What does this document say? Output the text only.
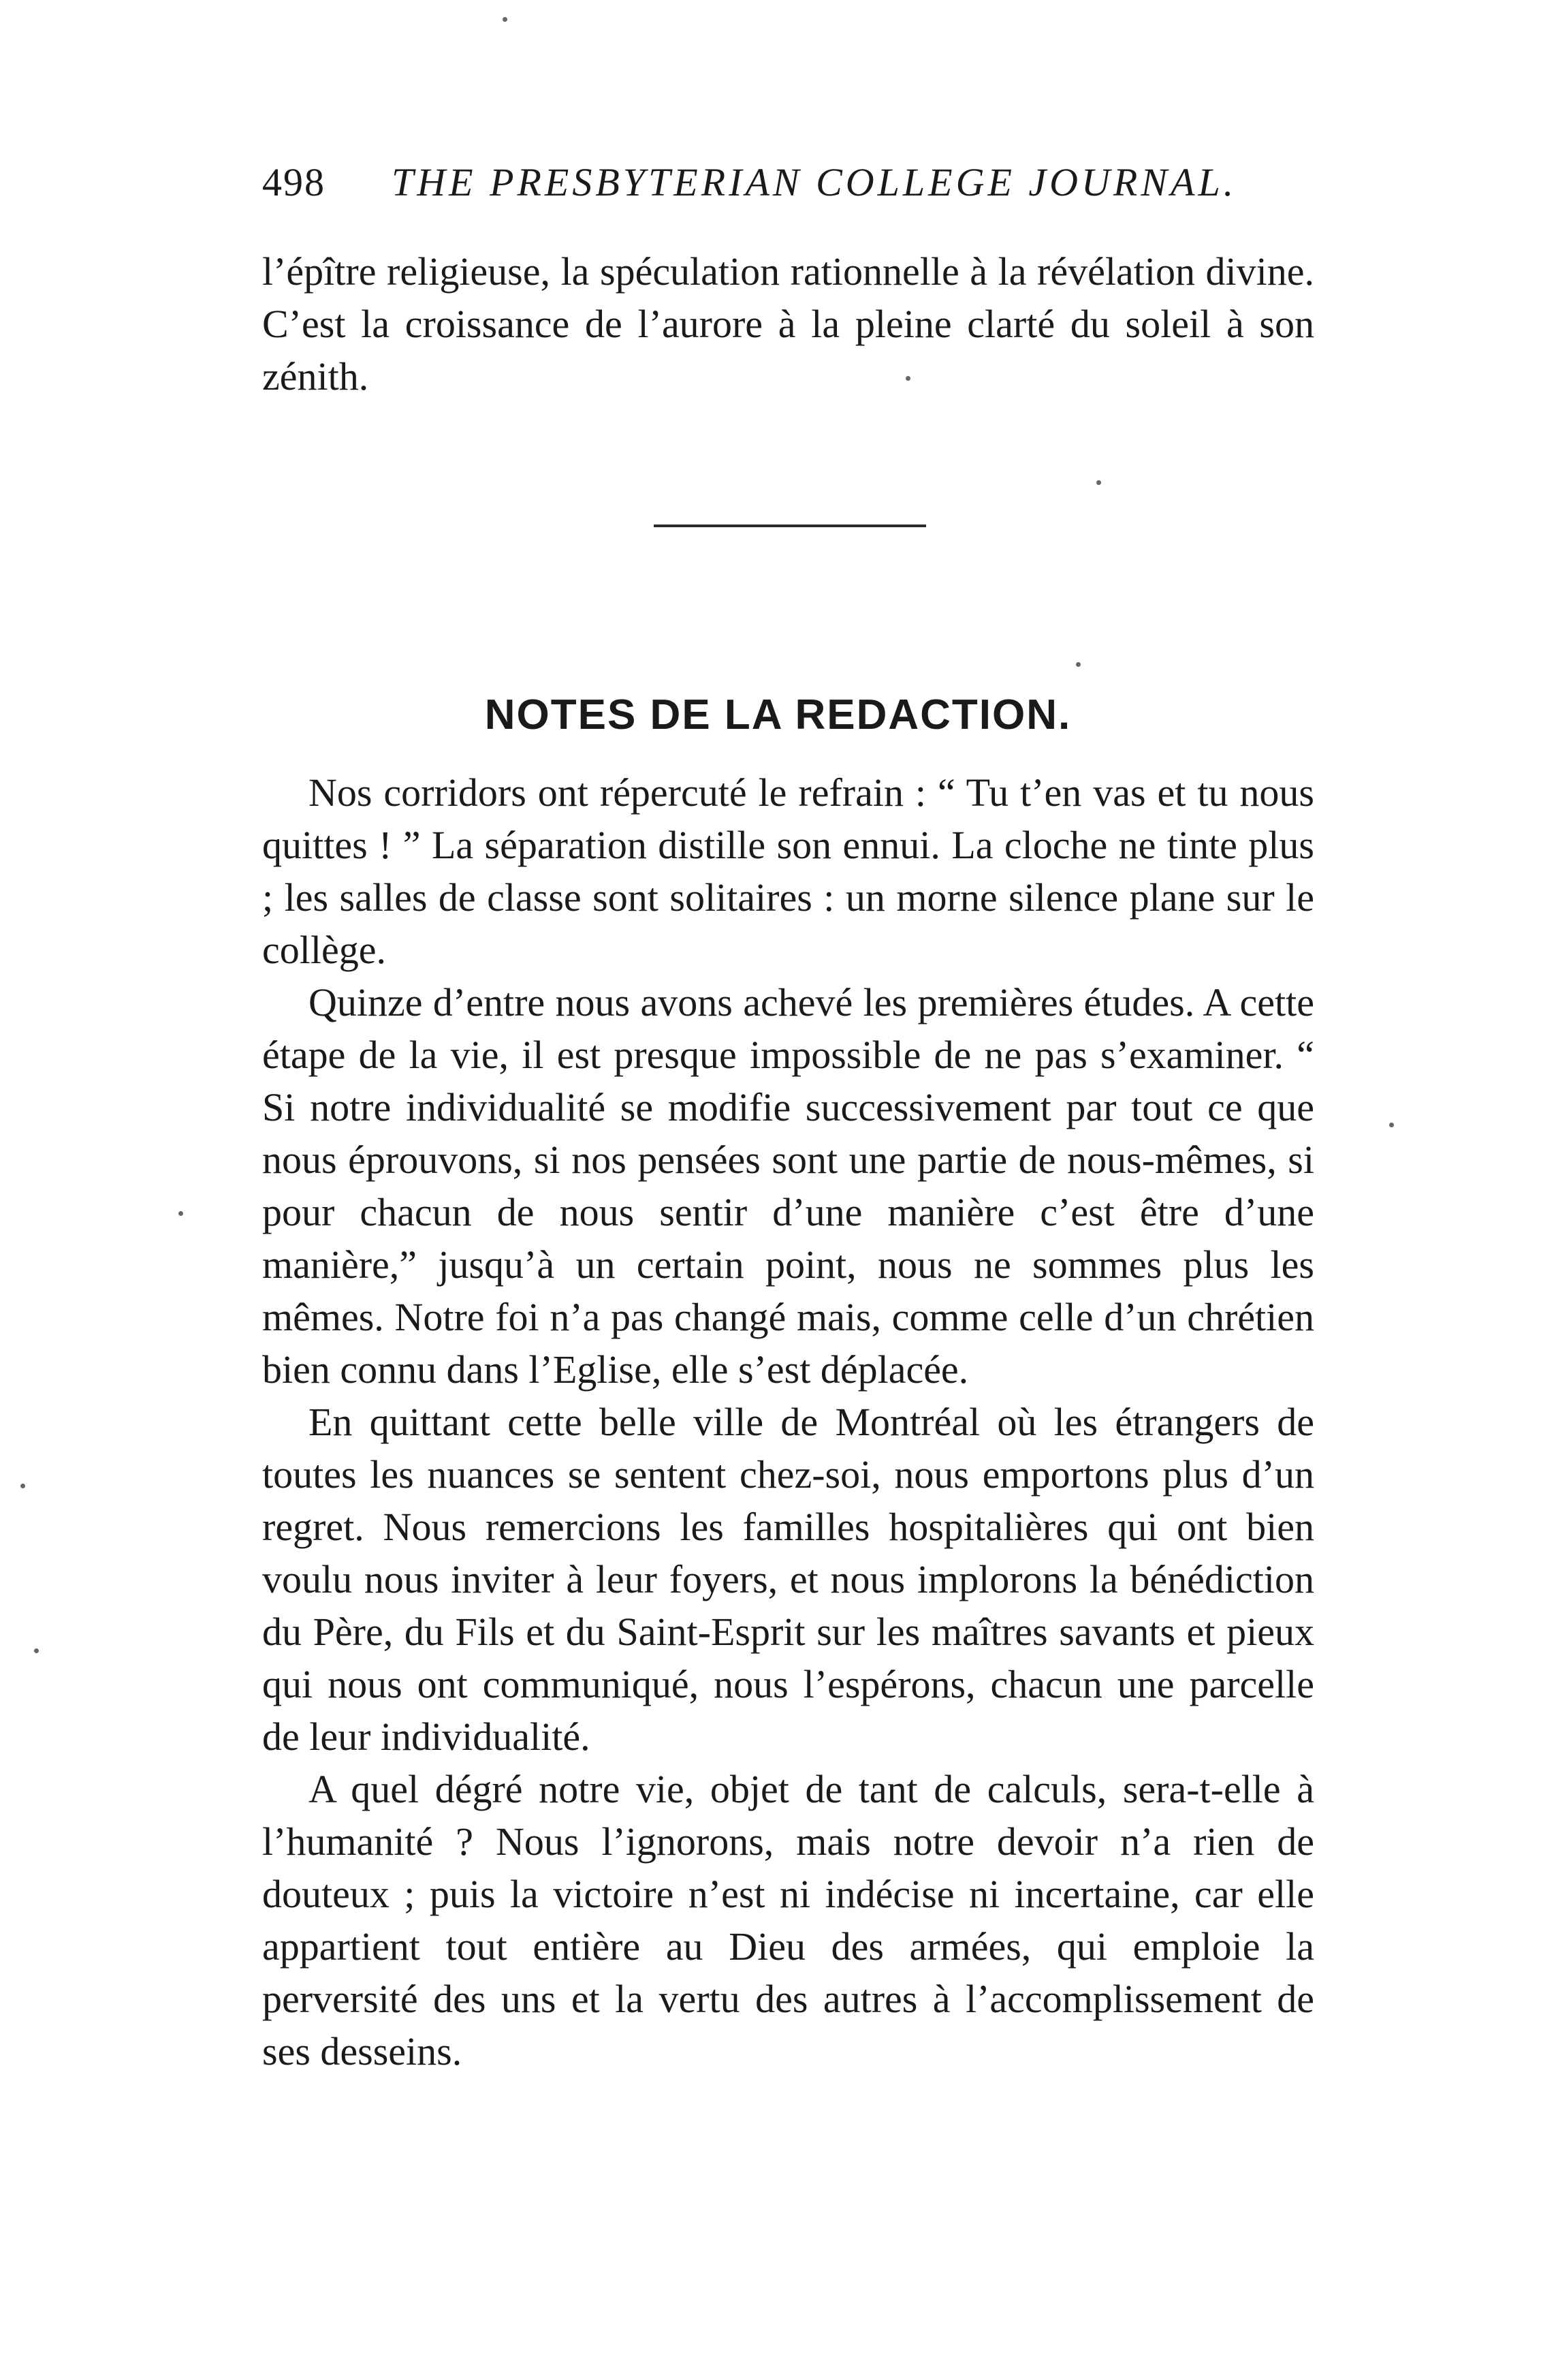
498 THE PRESBYTERIAN COLLEGE JOURNAL.

l’épître religieuse, la spéculation rationnelle à la révélation divine. C’est la croissance de l’aurore à la pleine clarté du soleil à son zénith.

NOTES DE LA REDACTION.

Nos corridors ont répercuté le refrain : “ Tu t’en vas et tu nous quittes ! ” La séparation distille son ennui. La cloche ne tinte plus ; les salles de classe sont solitaires : un morne silence plane sur le collège.

Quinze d’entre nous avons achevé les premières études. A cette étape de la vie, il est presque impossible de ne pas s’examiner. “ Si notre individualité se modifie successivement par tout ce que nous éprouvons, si nos pensées sont une partie de nous-mêmes, si pour chacun de nous sentir d’une manière c’est être d’une manière,” jusqu’à un certain point, nous ne sommes plus les mêmes. Notre foi n’a pas changé mais, comme celle d’un chrétien bien connu dans l’Eglise, elle s’est déplacée.

En quittant cette belle ville de Montréal où les étrangers de toutes les nuances se sentent chez-soi, nous emportons plus d’un regret. Nous remercions les familles hospitalières qui ont bien voulu nous inviter à leur foyers, et nous implorons la bénédiction du Père, du Fils et du Saint-Esprit sur les maîtres savants et pieux qui nous ont communiqué, nous l’espérons, chacun une parcelle de leur individualité.

A quel dégré notre vie, objet de tant de calculs, sera-t-elle à l’humanité ? Nous l’ignorons, mais notre devoir n’a rien de douteux ; puis la victoire n’est ni indécise ni incertaine, car elle appartient tout entière au Dieu des armées, qui emploie la perversité des uns et la vertu des autres à l’accomplissement de ses desseins.
